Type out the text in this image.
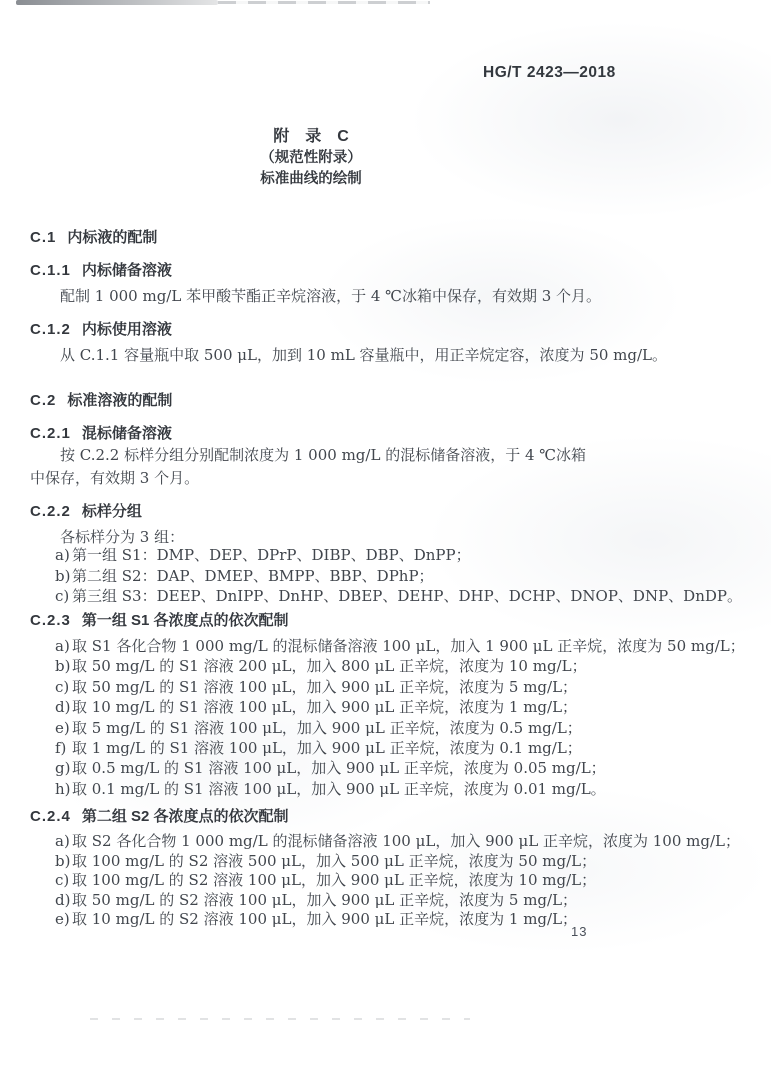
HG/T 2423—2018
附　录　C
（规范性附录）
标准曲线的绘制
C.1 内标液的配制
C.1.1 内标储备溶液
配制 1 000 mg/L 苯甲酸苄酯正辛烷溶液，于 4 ℃冰箱中保存，有效期 3 个月。
C.1.2 内标使用溶液
从 C.1.1 容量瓶中取 500 μL，加到 10 mL 容量瓶中，用正辛烷定容，浓度为 50 mg/L。
C.2 标准溶液的配制
C.2.1 混标储备溶液
按 C.2.2 标样分组分别配制浓度为 1 000 mg/L 的混标储备溶液，于 4 ℃冰箱中保存，有效期 3 个月。
C.2.2 标样分组
各标样分为 3 组：
a) 第一组 S1：DMP、DEP、DPrP、DIBP、DBP、DnPP；
b) 第二组 S2：DAP、DMEP、BMPP、BBP、DPhP；
c) 第三组 S3：DEEP、DnIPP、DnHP、DBEP、DEHP、DHP、DCHP、DNOP、DNP、DnDP。
C.2.3 第一组 S1 各浓度点的依次配制
a) 取 S1 各化合物 1 000 mg/L 的混标储备溶液 100 μL，加入 1 900 μL 正辛烷，浓度为 50 mg/L；
b) 取 50 mg/L 的 S1 溶液 200 μL，加入 800 μL 正辛烷，浓度为 10 mg/L；
c) 取 50 mg/L 的 S1 溶液 100 μL，加入 900 μL 正辛烷，浓度为 5 mg/L；
d) 取 10 mg/L 的 S1 溶液 100 μL，加入 900 μL 正辛烷，浓度为 1 mg/L；
e) 取 5 mg/L 的 S1 溶液 100 μL，加入 900 μL 正辛烷，浓度为 0.5 mg/L；
f) 取 1 mg/L 的 S1 溶液 100 μL，加入 900 μL 正辛烷，浓度为 0.1 mg/L；
g) 取 0.5 mg/L 的 S1 溶液 100 μL，加入 900 μL 正辛烷，浓度为 0.05 mg/L；
h) 取 0.1 mg/L 的 S1 溶液 100 μL，加入 900 μL 正辛烷，浓度为 0.01 mg/L。
C.2.4 第二组 S2 各浓度点的依次配制
a) 取 S2 各化合物 1 000 mg/L 的混标储备溶液 100 μL，加入 900 μL 正辛烷，浓度为 100 mg/L；
b) 取 100 mg/L 的 S2 溶液 500 μL，加入 500 μL 正辛烷，浓度为 50 mg/L；
c) 取 100 mg/L 的 S2 溶液 100 μL，加入 900 μL 正辛烷，浓度为 10 mg/L；
d) 取 50 mg/L 的 S2 溶液 100 μL，加入 900 μL 正辛烷，浓度为 5 mg/L；
e) 取 10 mg/L 的 S2 溶液 100 μL，加入 900 μL 正辛烷，浓度为 1 mg/L；
13
